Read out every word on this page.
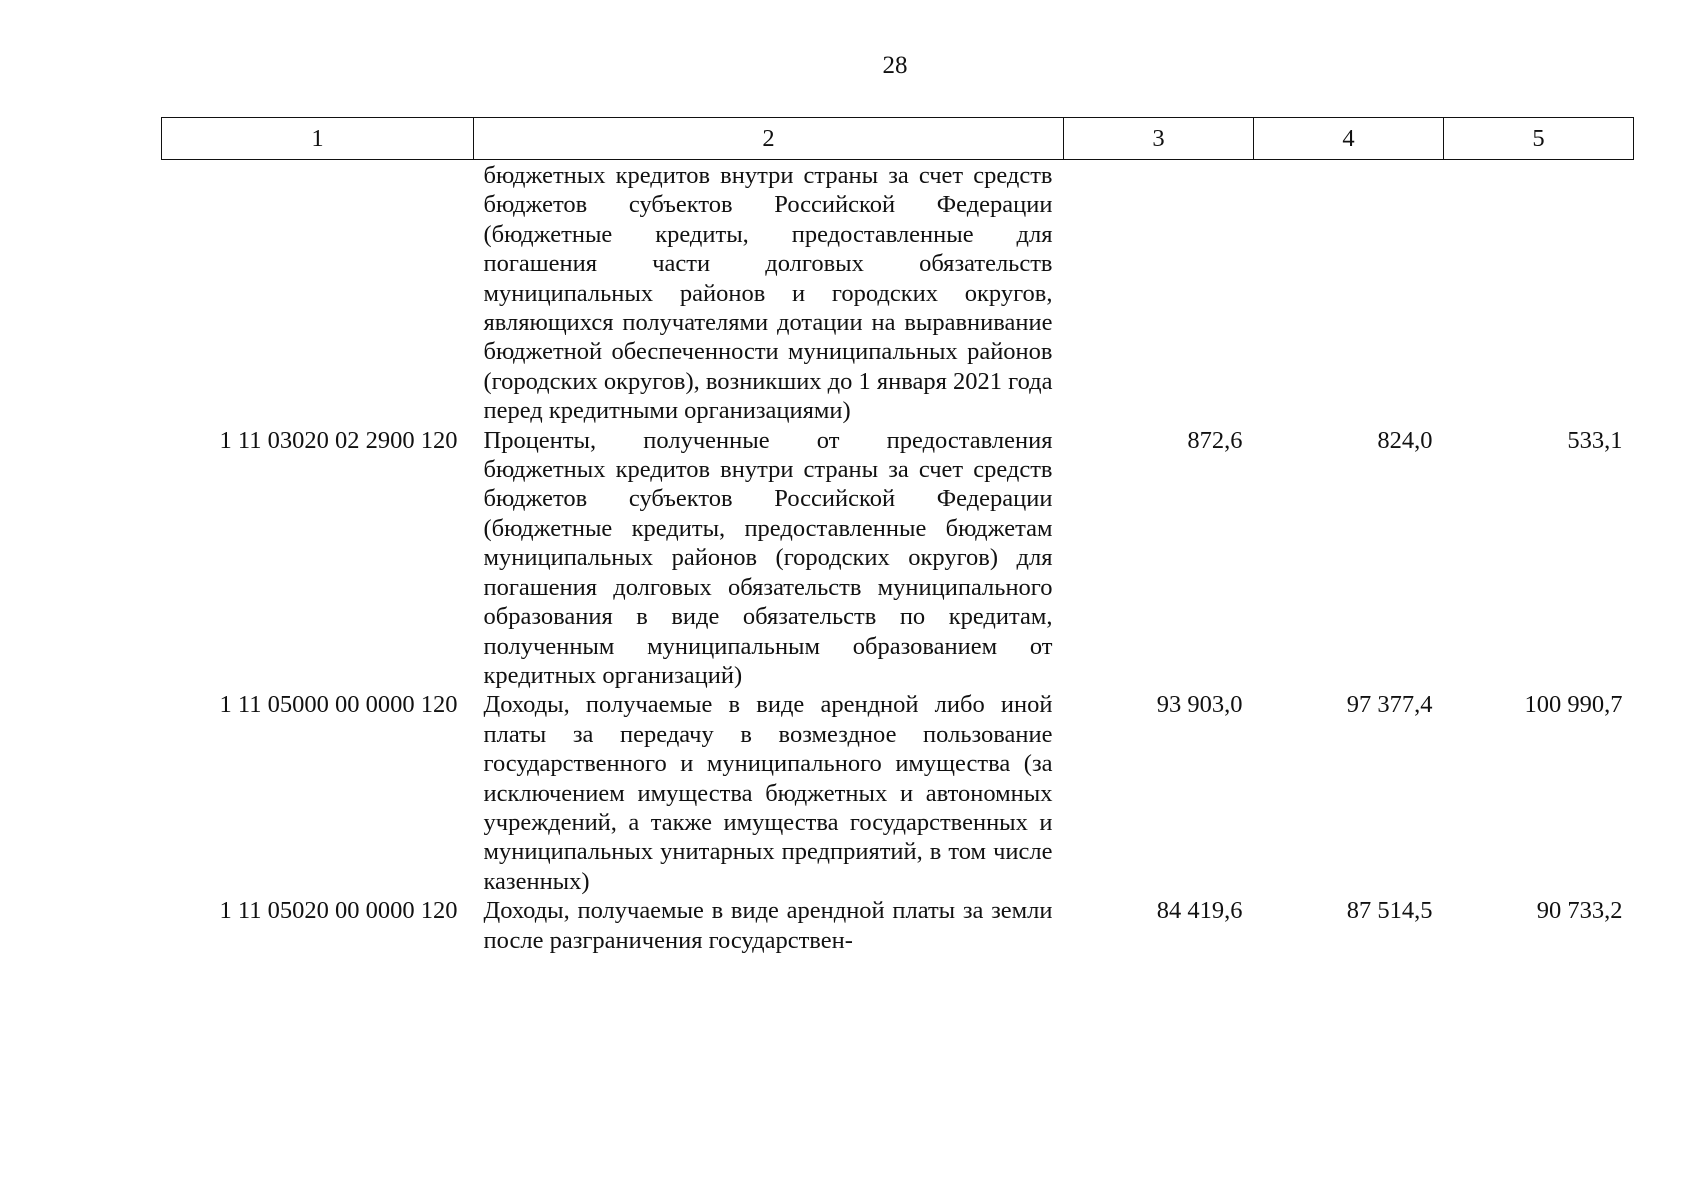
28
1	2	3	4	5
	бюджетных кредитов внутри страны за счет средств бюджетов субъектов Российской Федерации (бюджетные кредиты, предоставленные для погашения части долговых обязательств муниципальных районов и городских округов, являющихся получателями дотации на выравнивание бюджетной обеспеченности муниципальных районов (городских округов), возникших до 1 января 2021 года перед кредитными организациями)			
1 11 03020 02 2900 120	Проценты, полученные от предоставления бюджетных кредитов внутри страны за счет средств бюджетов субъектов Российской Федерации (бюджетные кредиты, предоставленные бюджетам муниципальных районов (городских округов) для погашения долговых обязательств муниципального образования в виде обязательств по кредитам, полученным муниципальным образованием от кредитных организаций)	872,6	824,0	533,1
1 11 05000 00 0000 120	Доходы, получаемые в виде арендной либо иной платы за передачу в возмездное пользование государственного и муниципального имущества (за исключением имущества бюджетных и автономных учреждений, а также имущества государственных и муниципальных унитарных предприятий, в том числе казенных)	93 903,0	97 377,4	100 990,7
1 11 05020 00 0000 120	Доходы, получаемые в виде арендной платы за земли после разграничения государствен-	84 419,6	87 514,5	90 733,2
